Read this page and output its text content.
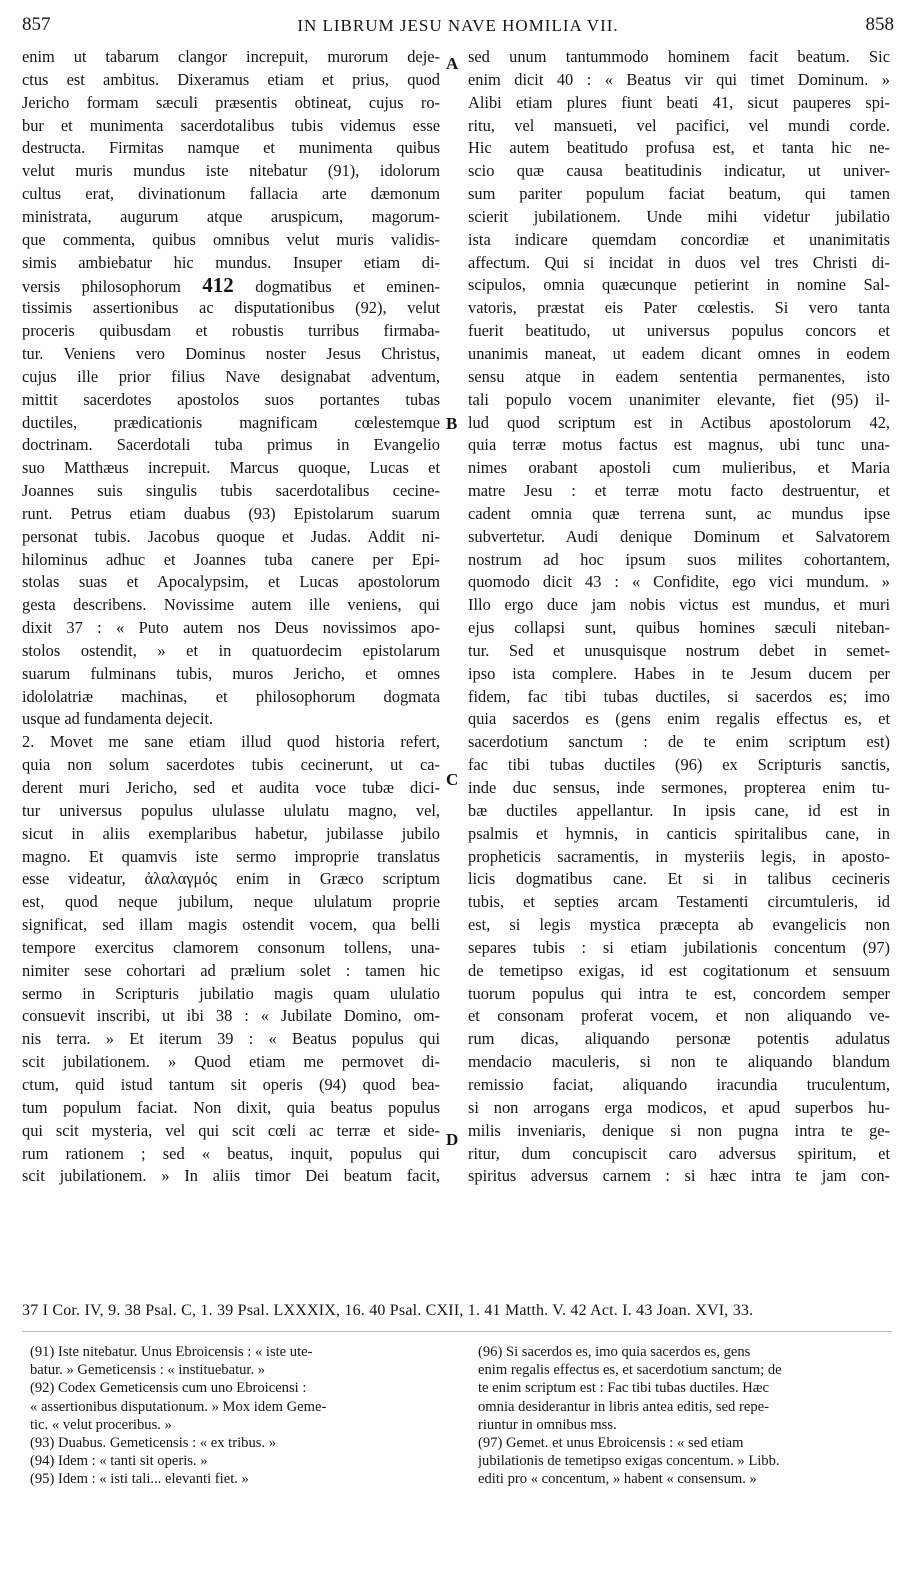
857	IN LIBRUM JESU NAVE HOMILIA VII.	858
enim ut tabarum clangor increpuit, murorum deje-
ctus est ambitus. Dixeramus etiam et prius, quod
Jericho formam sæculi præsentis obtineat, cujus ro-
bur et munimenta sacerdotalibus tubis videmus esse
destructa. Firmitas namque et munimenta quibus
velut muris mundus iste nitebatur (91), idolorum
cultus erat, divinationum fallacia arte dæmonum
ministrata, augurum atque aruspicum, magorum-
que commenta, quibus omnibus velut muris validis-
simis ambiebatur hic mundus. Insuper etiam di-
versis philosophorum 412 dogmatibus et eminen-
tissimis assertionibus ac disputationibus (92), velut
proceris quibusdam et robustis turribus firmaba-
tur. Veniens vero Dominus noster Jesus Christus,
cujus ille prior filius Nave designabat adventum,
mittit sacerdotes apostolos suos portantes tubas
ductiles, prædicationis magnificam cœlestemque
doctrinam. Sacerdotali tuba primus in Evangelio
suo Matthæus increpuit. Marcus quoque, Lucas et
Joannes suis singulis tubis sacerdotalibus cecine-
runt. Petrus etiam duabus (93) Epistolarum suarum
personat tubis. Jacobus quoque et Judas. Addit ni-
hilominus adhuc et Joannes tuba canere per Epi-
stolas suas et Apocalypsim, et Lucas apostolorum
gesta describens. Novissime autem ille veniens, qui
dixit 37 : « Puto autem nos Deus novissimos apo-
stolos ostendit, » et in quatuordecim epistolarum
suarum fulminans tubis, muros Jericho, et omnes
idololatriæ machinas, et philosophorum dogmata
usque ad fundamenta dejecit.
2. Movet me sane etiam illud quod historia refert,
quia non solum sacerdotes tubis cecinerunt, ut ca-
derent muri Jericho, sed et audita voce tubæ dici-
tur universus populus ululasse ululatu magno, vel,
sicut in aliis exemplaribus habetur, jubilasse jubilo
magno. Et quamvis iste sermo improprie translatus
esse videatur, ἀλαλαγμός enim in Græco scriptum
est, quod neque jubilum, neque ululatum proprie
significat, sed illam magis ostendit vocem, qua belli
tempore exercitus clamorem consonum tollens, una-
nimiter sese cohortari ad prælium solet : tamen hic
sermo in Scripturis jubilatio magis quam ululatio
consuevit inscribi, ut ibi 38 : « Jubilate Domino, om-
nis terra. » Et iterum 39 : « Beatus populus qui
scit jubilationem. » Quod etiam me permovet di-
ctum, quid istud tantum sit operis (94) quod bea-
tum populum faciat. Non dixit, quia beatus populus
qui scit mysteria, vel qui scit cœli ac terræ et side-
rum rationem ; sed « beatus, inquit, populus qui
scit jubilationem. » In aliis timor Dei beatum facit,
A
B
C
D
sed unum tantummodo hominem facit beatum. Sic
enim dicit 40 : « Beatus vir qui timet Dominum. »
Alibi etiam plures fiunt beati 41, sicut pauperes spi-
ritu, vel mansueti, vel pacifici, vel mundi corde.
Hic autem beatitudo profusa est, et tanta hic ne-
scio quæ causa beatitudinis indicatur, ut univer-
sum pariter populum faciat beatum, qui tamen
scierit jubilationem. Unde mihi videtur jubilatio
ista indicare quemdam concordiæ et unanimitatis
affectum. Qui si incidat in duos vel tres Christi di-
scipulos, omnia quæcunque petierint in nomine Sal-
vatoris, præstat eis Pater cœlestis. Si vero tanta
fuerit beatitudo, ut universus populus concors et
unanimis maneat, ut eadem dicant omnes in eodem
sensu atque in eadem sententia permanentes, isto
tali populo vocem unanimiter elevante, fiet (95) il-
lud quod scriptum est in Actibus apostolorum 42,
quia terræ motus factus est magnus, ubi tunc una-
nimes orabant apostoli cum mulieribus, et Maria
matre Jesu : et terræ motu facto destruentur, et
cadent omnia quæ terrena sunt, ac mundus ipse
subvertetur. Audi denique Dominum et Salvatorem
nostrum ad hoc ipsum suos milites cohortantem,
quomodo dicit 43 : « Confidite, ego vici mundum. »
Illo ergo duce jam nobis victus est mundus, et muri
ejus collapsi sunt, quibus homines sæculi niteban-
tur. Sed et unusquisque nostrum debet in semet-
ipso ista complere. Habes in te Jesum ducem per
fidem, fac tibi tubas ductiles, si sacerdos es; imo
quia sacerdos es (gens enim regalis effectus es, et
sacerdotium sanctum : de te enim scriptum est)
fac tibi tubas ductiles (96) ex Scripturis sanctis,
inde duc sensus, inde sermones, propterea enim tu-
bæ ductiles appellantur. In ipsis cane, id est in
psalmis et hymnis, in canticis spiritalibus cane, in
propheticis sacramentis, in mysteriis legis, in aposto-
licis dogmatibus cane. Et si in talibus cecineris
tubis, et septies arcam Testamenti circumtuleris, id
est, si legis mystica præcepta ab evangelicis non
separes tubis : si etiam jubilationis concentum (97)
de temetipso exigas, id est cogitationum et sensuum
tuorum populus qui intra te est, concordem semper
et consonam proferat vocem, et non aliquando ve-
rum dicas, aliquando personæ potentis adulatus
mendacio maculeris, si non te aliquando blandum
remissio faciat, aliquando iracundia truculentum,
si non arrogans erga modicos, et apud superbos hu-
milis inveniaris, denique si non pugna intra te ge-
ritur, dum concupiscit caro adversus spiritum, et
spiritus adversus carnem : si hæc intra te jam con-
37 I Cor. IV, 9. 38 Psal. C, 1. 39 Psal. LXXXIX, 16. 40 Psal. CXII, 1. 41 Matth. V. 42 Act. I. 43 Joan. XVI, 33.
(91) Iste nitebatur. Unus Ebroicensis : « iste ute-
batur. » Gemeticensis : « instituebatur. »
(92) Codex Gemeticensis cum uno Ebroicensi :
« assertionibus disputationum. » Mox idem Geme-
tic. « velut proceribus. »
(93) Duabus. Gemeticensis : « ex tribus. »
(94) Idem : « tanti sit operis. »
(95) Idem : « isti tali... elevanti fiet. »
(96) Si sacerdos es, imo quia sacerdos es, gens
enim regalis effectus es, et sacerdotium sanctum; de
te enim scriptum est : Fac tibi tubas ductiles. Hæc
omnia desiderantur in libris antea editis, sed repe-
riuntur in omnibus mss.
(97) Gemet. et unus Ebroicensis : « sed etiam
jubilationis de temetipso exigas concentum. » Libb.
editi pro « concentum, » habent « consensum. »
